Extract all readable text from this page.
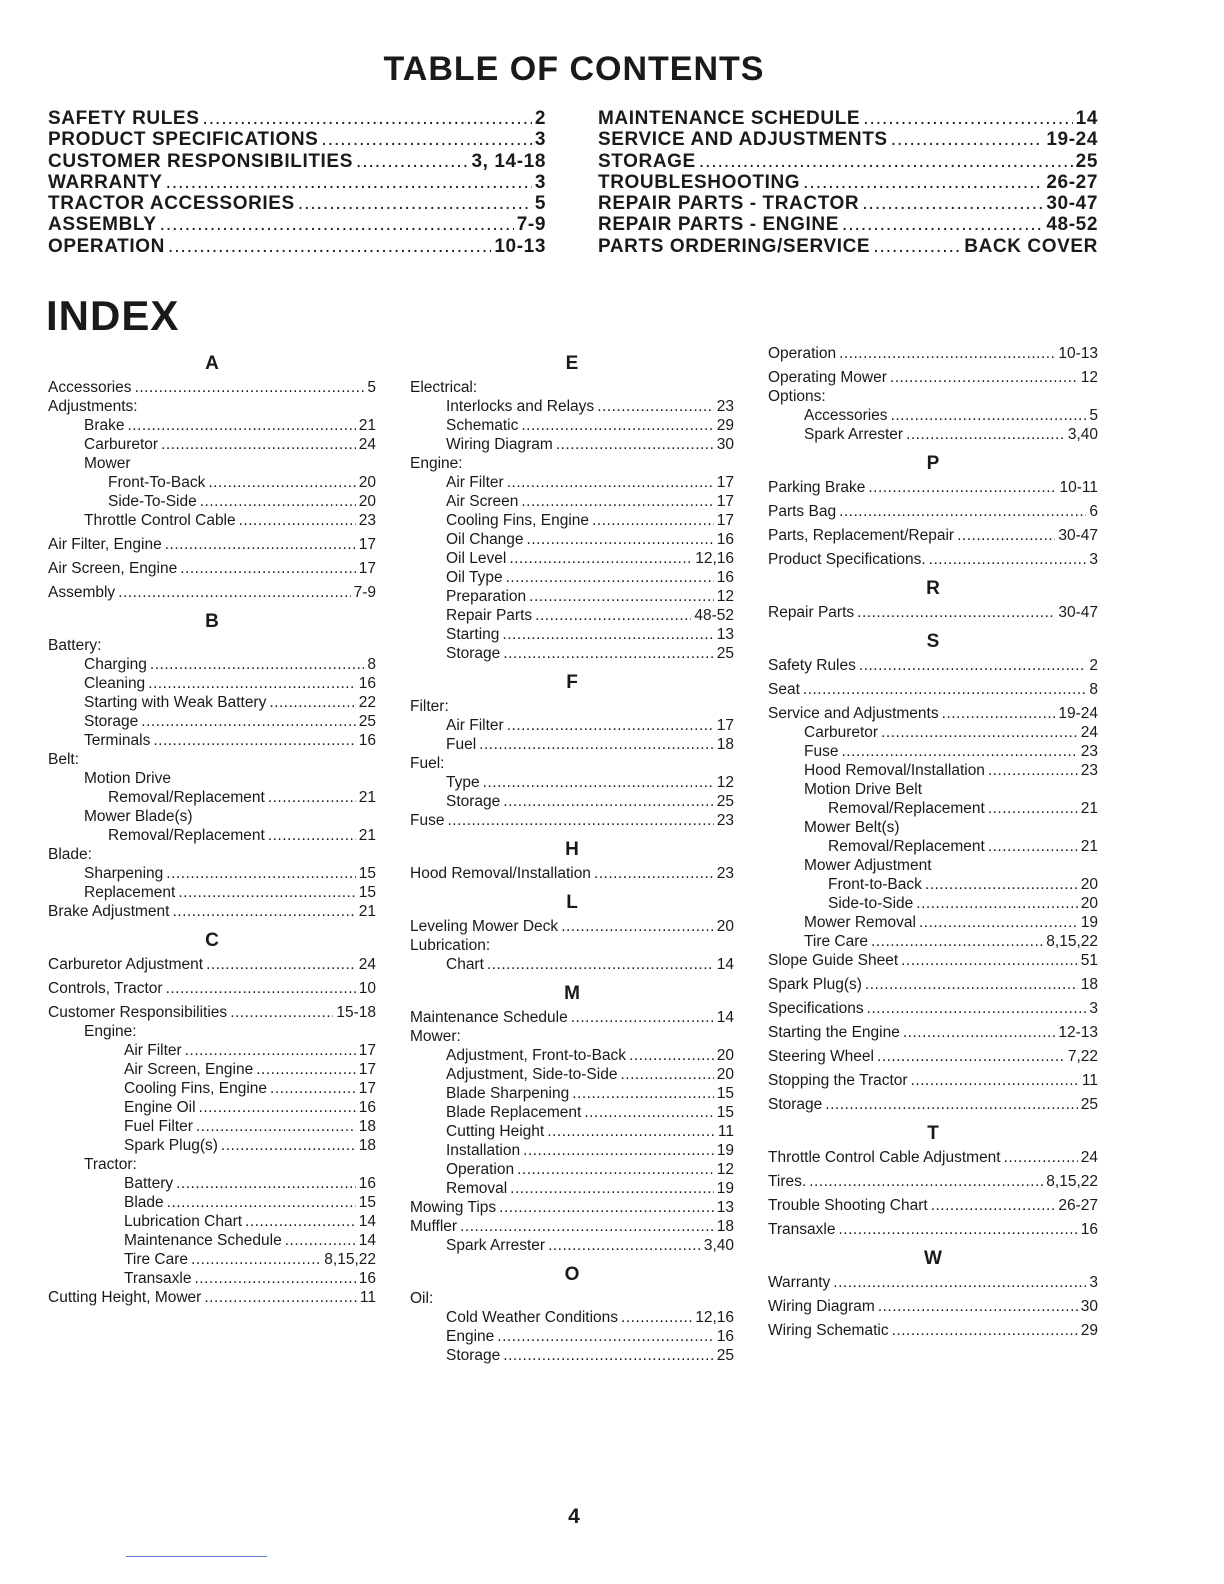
TABLE OF CONTENTS
SAFETY RULES .....	2
PRODUCT SPECIFICATIONS .....	3
CUSTOMER RESPONSIBILITIES .....	3, 14-18
WARRANTY .....	3
TRACTOR ACCESSORIES .....	5
ASSEMBLY .....	7-9
OPERATION .....	10-13
MAINTENANCE SCHEDULE .....	14
SERVICE AND ADJUSTMENTS .....	19-24
STORAGE .....	25
TROUBLESHOOTING .....	26-27
REPAIR PARTS - TRACTOR .....	30-47
REPAIR PARTS - ENGINE .....	48-52
PARTS ORDERING/SERVICE .....	BACK COVER
INDEX
A
Accessories .....	5
Adjustments:
Brake .....	21
Carburetor .....	24
Mower
Front-To-Back .....	20
Side-To-Side .....	20
Throttle Control Cable .....	23
Air Filter, Engine .....	17
Air Screen, Engine .....	17
Assembly .....	7-9
B
Battery:
Charging .....	8
Cleaning .....	16
Starting with Weak Battery .....	22
Storage .....	25
Terminals .....	16
Belt:
Motion Drive
Removal/Replacement .....	21
Mower Blade(s)
Removal/Replacement .....	21
Blade:
Sharpening .....	15
Replacement .....	15
Brake Adjustment .....	21
C
Carburetor Adjustment .....	24
Controls, Tractor .....	10
Customer Responsibilities .....	15-18
Engine:
Air Filter .....	17
Air Screen, Engine .....	17
Cooling Fins, Engine .....	17
Engine Oil .....	16
Fuel Filter .....	18
Spark Plug(s) .....	18
Tractor:
Battery .....	16
Blade .....	15
Lubrication Chart .....	14
Maintenance Schedule .....	14
Tire Care .....	8,15,22
Transaxle .....	16
Cutting Height, Mower .....	11
E
Electrical:
Interlocks and Relays .....	23
Schematic .....	29
Wiring Diagram .....	30
Engine:
Air Filter .....	17
Air Screen .....	17
Cooling Fins, Engine .....	17
Oil Change .....	16
Oil Level .....	12,16
Oil Type .....	16
Preparation .....	12
Repair Parts .....	48-52
Starting .....	13
Storage .....	25
F
Filter:
Air Filter .....	17
Fuel .....	18
Fuel:
Type .....	12
Storage .....	25
Fuse .....	23
H
Hood Removal/Installation .....	23
L
Leveling Mower Deck .....	20
Lubrication:
Chart .....	14
M
Maintenance Schedule .....	14
Mower:
Adjustment, Front-to-Back .....	20
Adjustment, Side-to-Side .....	20
Blade Sharpening .....	15
Blade Replacement .....	15
Cutting Height .....	11
Installation .....	19
Operation .....	12
Removal .....	19
Mowing Tips .....	13
Muffler .....	18
Spark Arrester .....	3,40
O
Oil:
Cold Weather Conditions .....	12,16
Engine .....	16
Storage .....	25
Operation .....	10-13
Operating Mower .....	12
Options:
Accessories .....	5
Spark Arrester .....	3,40
P
Parking Brake .....	10-11
Parts Bag .....	6
Parts, Replacement/Repair .....	30-47
Product Specifications. .....	3
R
Repair Parts .....	30-47
S
Safety Rules .....	2
Seat .....	8
Service and Adjustments .....	19-24
Carburetor .....	24
Fuse .....	23
Hood Removal/Installation .....	23
Motion Drive Belt
Removal/Replacement .....	21
Mower Belt(s)
Removal/Replacement .....	21
Mower Adjustment
Front-to-Back .....	20
Side-to-Side .....	20
Mower Removal .....	19
Tire Care .....	8,15,22
Slope Guide Sheet .....	51
Spark Plug(s) .....	18
Specifications .....	3
Starting the Engine .....	12-13
Steering Wheel .....	7,22
Stopping the Tractor .....	11
Storage .....	25
T
Throttle Control Cable Adjustment .....	24
Tires. .....	8,15,22
Trouble Shooting Chart .....	26-27
Transaxle .....	16
W
Warranty .....	3
Wiring Diagram .....	30
Wiring Schematic .....	29
4
